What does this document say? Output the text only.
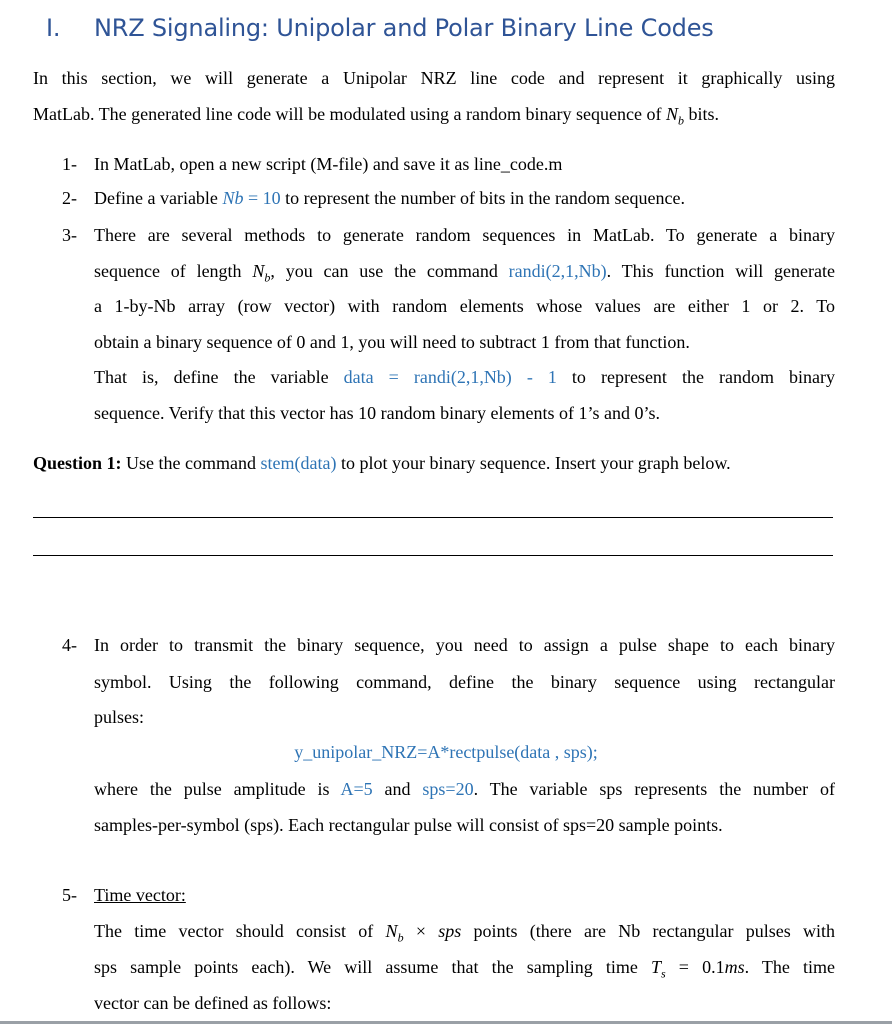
I. NRZ Signaling: Unipolar and Polar Binary Line Codes
In this section, we will generate a Unipolar NRZ line code and represent it graphically using
MatLab. The generated line code will be modulated using a random binary sequence of $N_b$ bits.
1- In MatLab, open a new script (M-file) and save it as line_code.m
2- Define a variable Nb = 10 to represent the number of bits in the random sequence.
3- There are several methods to generate random sequences in MatLab. To generate a binary
sequence of length $N_b$, you can use the command randi(2,1,Nb). This function will generate
a 1-by-Nb array (row vector) with random elements whose values are either 1 or 2. To
obtain a binary sequence of 0 and 1, you will need to subtract 1 from that function.
That is, define the variable data = randi(2,1,Nb) - 1 to represent the random binary
sequence. Verify that this vector has 10 random binary elements of 1’s and 0’s.
Question 1: Use the command stem(data) to plot your binary sequence. Insert your graph below.
4- In order to transmit the binary sequence, you need to assign a pulse shape to each binary
symbol. Using the following command, define the binary sequence using rectangular
pulses:
y_unipolar_NRZ=A*rectpulse(data , sps);
where the pulse amplitude is A=5 and sps=20. The variable sps represents the number of
samples-per-symbol (sps). Each rectangular pulse will consist of sps=20 sample points.
5- Time vector:
The time vector should consist of $N_b$ × sps points (there are Nb rectangular pulses with
sps sample points each). We will assume that the sampling time $T_s = 0.1ms$. The time
vector can be defined as follows:
